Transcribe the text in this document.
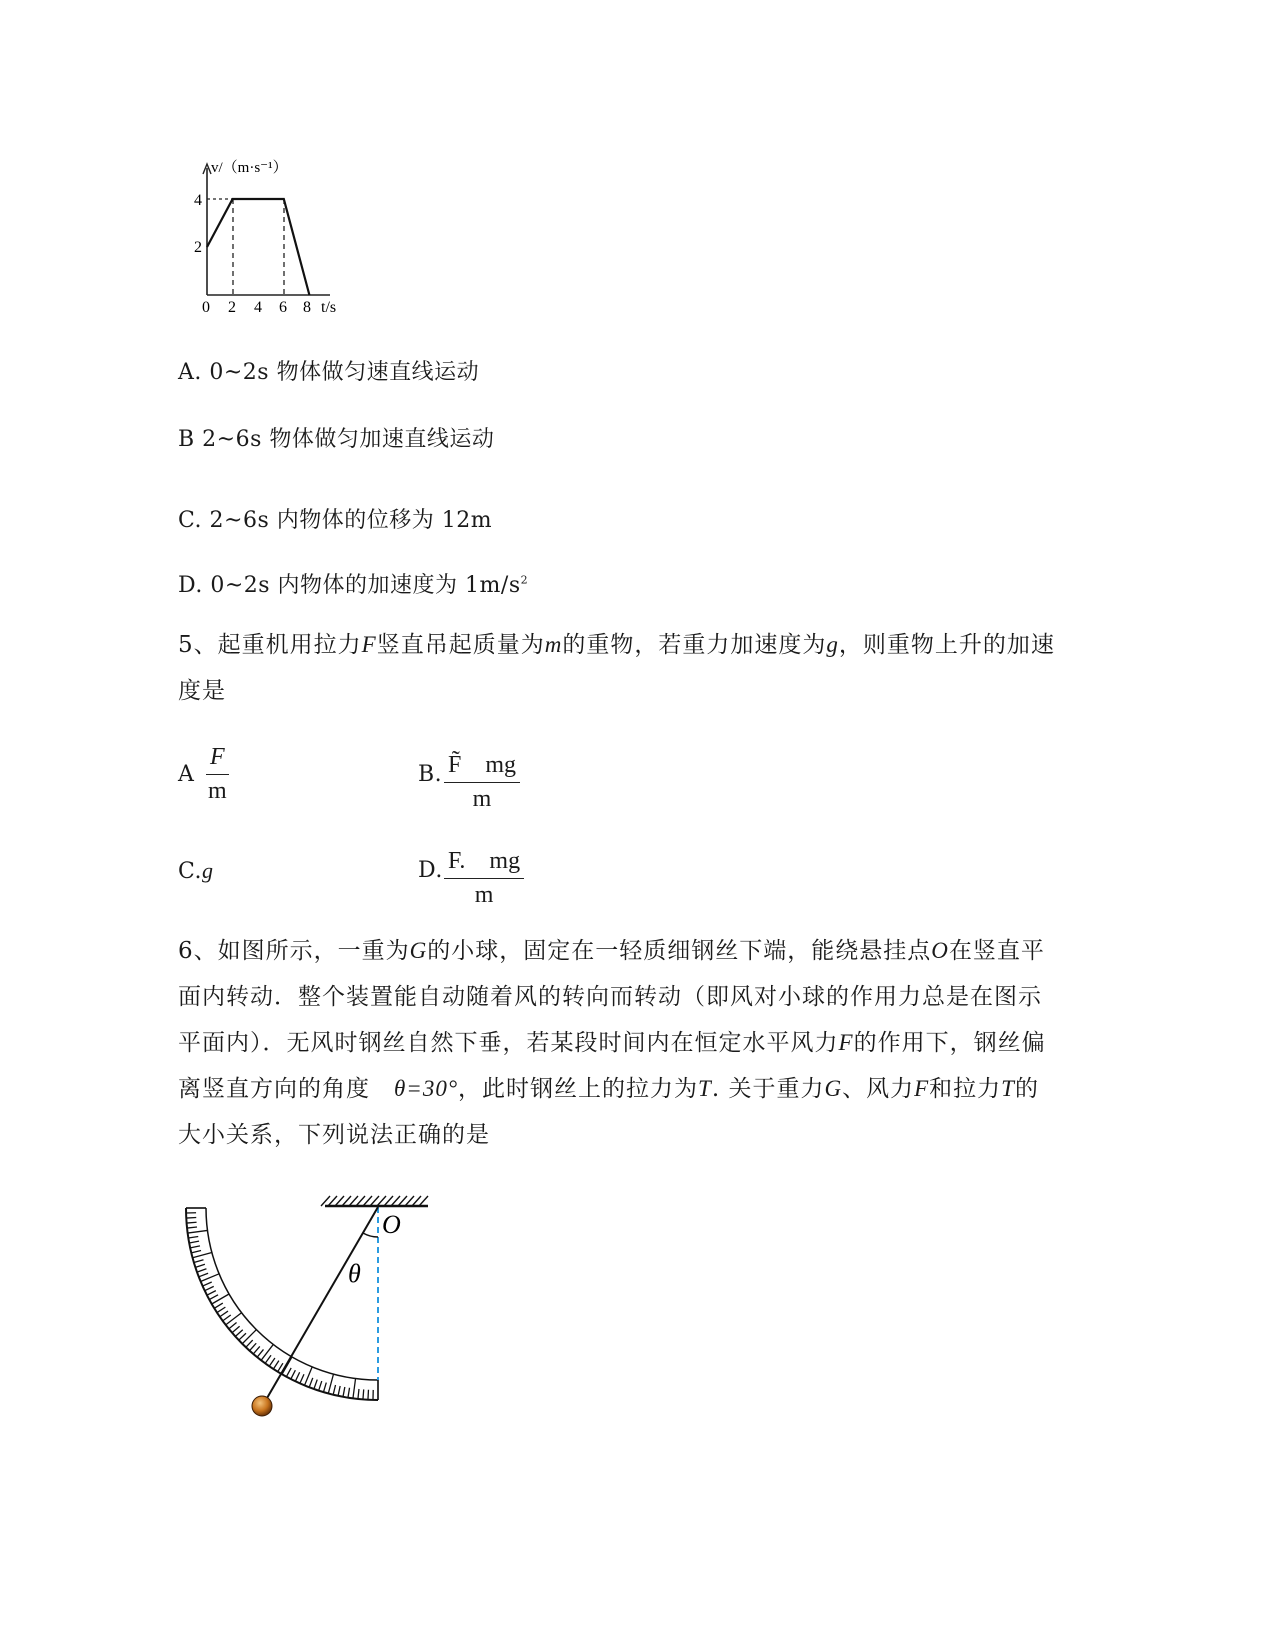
v/（m·s⁻¹）
4
2
0 2 4 6 8 t/s
A. 0~2s 物体做匀速直线运动
B 2~6s 物体做匀加速直线运动
C. 2~6s 内物体的位移为 12m
D. 0~2s 内物体的加速度为 $1m/s^2$
5、起重机用拉力F竖直吊起质量为m的重物，若重力加速度为g，则重物上升的加速度是
A $\frac{F}{m}$	B. $\frac{F̃ mg}{m}$
C.g	D. $\frac{F. mg}{m}$
6、如图所示，一重为G的小球，固定在一轻质细钢丝下端，能绕悬挂点O在竖直平面内转动．整个装置能自动随着风的转向而转动（即风对小球的作用力总是在图示平面内）．无风时钢丝自然下垂，若某段时间内在恒定水平风力F的作用下，钢丝偏离竖直方向的角度　 θ=30°，此时钢丝上的拉力为T. 关于重力G、风力F和拉力T的大小关系，下列说法正确的是
O
θ
